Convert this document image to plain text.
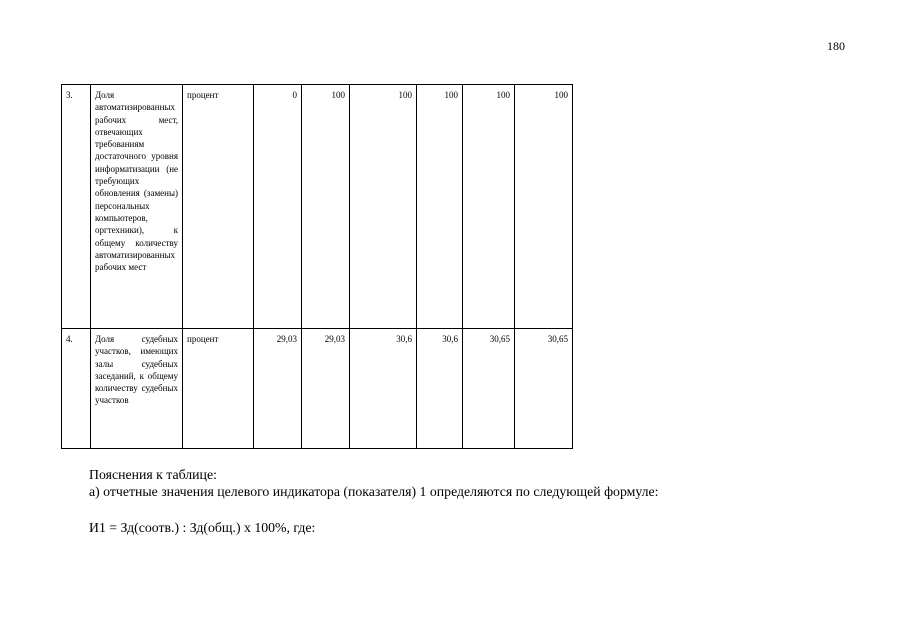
180
3.	Доля автоматизированных рабочих мест, отвечающих требованиям достаточного уровня информатизации (не требующих обновления (замены) персональных компьютеров, оргтехники), к общему количеству автоматизированных рабочих мест	процент	0	100	100	100	100	100
4.	Доля судебных участков, имеющих залы судебных заседаний, к общему количеству судебных участков	процент	29,03	29,03	30,6	30,6	30,65	30,65
Пояснения к таблице:
а) отчетные значения целевого индикатора (показателя) 1 определяются по следующей формуле:
И1 = Зд(соотв.) : Зд(общ.) х 100%, где:
